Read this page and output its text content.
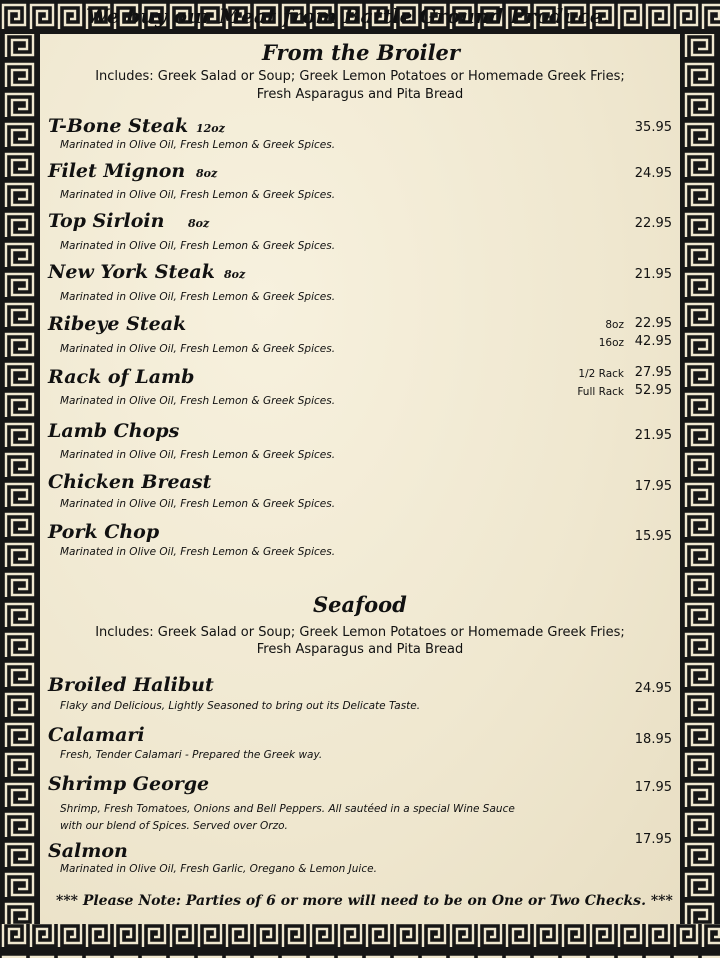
We buy our Meat from Battle Ground Produce.
From the Broiler
Includes: Greek Salad or Soup; Greek Lemon Potatoes or Homemade Greek Fries;
Fresh Asparagus and Pita Bread
T-Bone Steak 12oz
Marinated in Olive Oil, Fresh Lemon & Greek Spices.
35.95
Filet Mignon 8oz
Marinated in Olive Oil, Fresh Lemon & Greek Spices.
24.95
Top Sirloin 8oz
Marinated in Olive Oil, Fresh Lemon & Greek Spices.
22.95
New York Steak 8oz
Marinated in Olive Oil, Fresh Lemon & Greek Spices.
21.95
Ribeye Steak
Marinated in Olive Oil, Fresh Lemon & Greek Spices.
8oz 22.95
16oz 42.95
Rack of Lamb
Marinated in Olive Oil, Fresh Lemon & Greek Spices.
1/2 Rack 27.95
Full Rack 52.95
Lamb Chops
Marinated in Olive Oil, Fresh Lemon & Greek Spices.
21.95
Chicken Breast
Marinated in Olive Oil, Fresh Lemon & Greek Spices.
17.95
Pork Chop
Marinated in Olive Oil, Fresh Lemon & Greek Spices.
15.95
Seafood
Includes: Greek Salad or Soup; Greek Lemon Potatoes or Homemade Greek Fries;
Fresh Asparagus and Pita Bread
Broiled Halibut
Flaky and Delicious, Lightly Seasoned to bring out its Delicate Taste.
24.95
Calamari
Fresh, Tender Calamari - Prepared the Greek way.
18.95
Shrimp George
Shrimp, Fresh Tomatoes, Onions and Bell Peppers. All sautéed in a special Wine Sauce
with our blend of Spices. Served over Orzo.
17.95
Salmon
Marinated in Olive Oil, Fresh Garlic, Oregano & Lemon Juice.
17.95
*** Please Note: Parties of 6 or more will need to be on One or Two Checks. ***
